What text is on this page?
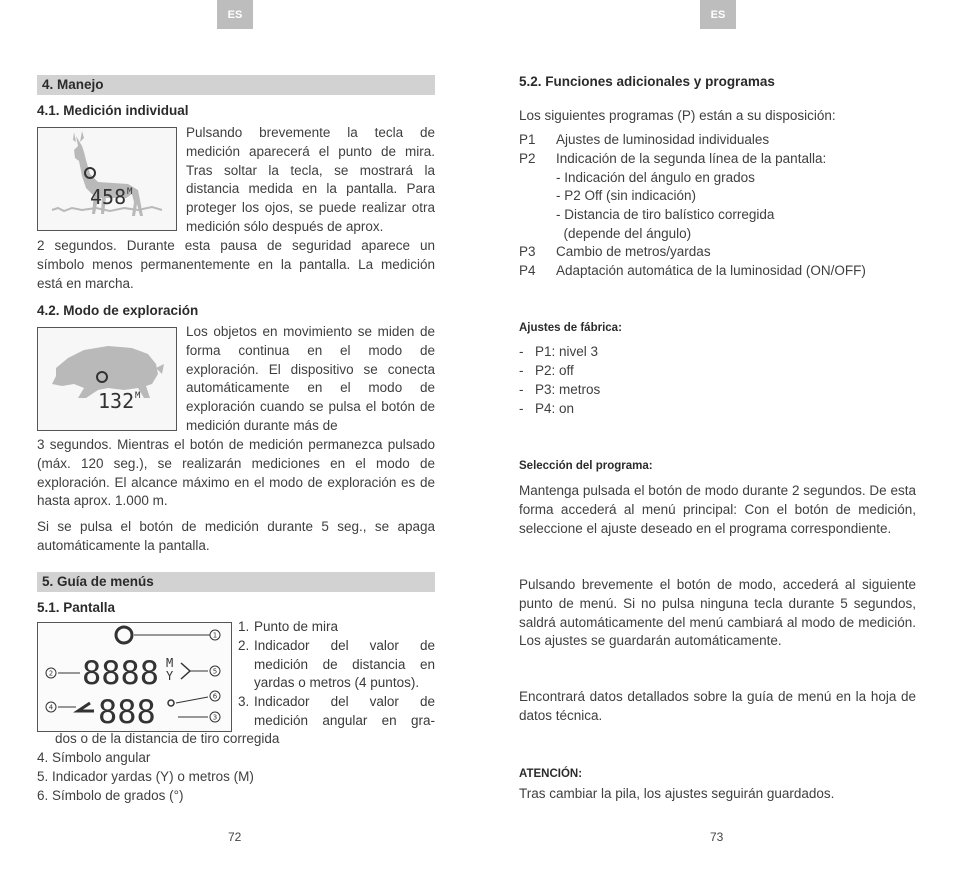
ES
4. Manejo
4.1. Medición individual
458 M

Pulsando brevemente la tecla de medición aparecerá el punto de mira. Tras soltar la tecla, se mostrará la distancia medida en la pantalla. Para proteger los ojos, se puede realizar otra medición sólo después de aprox.

2 segundos. Durante esta pausa de seguridad aparece un símbolo menos permanentemente en la pantalla. La medición está en marcha.

4.2. Modo de exploración
132 M

Los objetos en movimiento se miden de forma continua en el modo de exploración. El dispositivo se conecta automáticamente en el modo de exploración cuando se pulsa el botón de medición durante más de

3 segundos. Mientras el botón de medición permanezca pulsado (máx. 120 seg.), se realizarán mediciones en el modo de exploración. El alcance máximo en el modo de exploración es de hasta aprox. 1.000 m.

Si se pulsa el botón de medición durante 5 seg., se apaga automáticamente la pantalla.

5. Guía de menús
5.1. Pantalla
8888 M
Y
888
1
2
3
4
5
6
1. Punto de mira
2. Indicador del valor de medición de distancia en yardas o metros (4 puntos).
3. Indicador del valor de medición angular en gra-
dos o de la distancia de tiro corregida
4. Símbolo angular
5. Indicador yardas (Y) o metros (M)
6. Símbolo de grados (°)
72
ES
5.2. Funciones adicionales y programas
Los siguientes programas (P) están a su disposición:
P1 Ajustes de luminosidad individuales
P2 Indicación de la segunda línea de la pantalla:
- Indicación del ángulo en grados
- P2 Off (sin indicación)
- Distancia de tiro balístico corregida
(depende del ángulo)
P3 Cambio de metros/yardas
P4 Adaptación automática de la luminosidad (ON/OFF)
Ajustes de fábrica:
- P1: nivel 3
- P2: off
- P3: metros
- P4: on
Selección del programa:

Mantenga pulsada el botón de modo durante 2 segundos. De esta forma accederá al menú principal: Con el botón de medición, seleccione el ajuste deseado en el programa correspondiente.

Pulsando brevemente el botón de modo, accederá al siguiente punto de menú. Si no pulsa ninguna tecla durante 5 segundos, saldrá automáticamente del menú cambiará al modo de medición. Los ajustes se guardarán automáticamente.

Encontrará datos detallados sobre la guía de menú en la hoja de datos técnica.

ATENCIÓN:
Tras cambiar la pila, los ajustes seguirán guardados.
73
